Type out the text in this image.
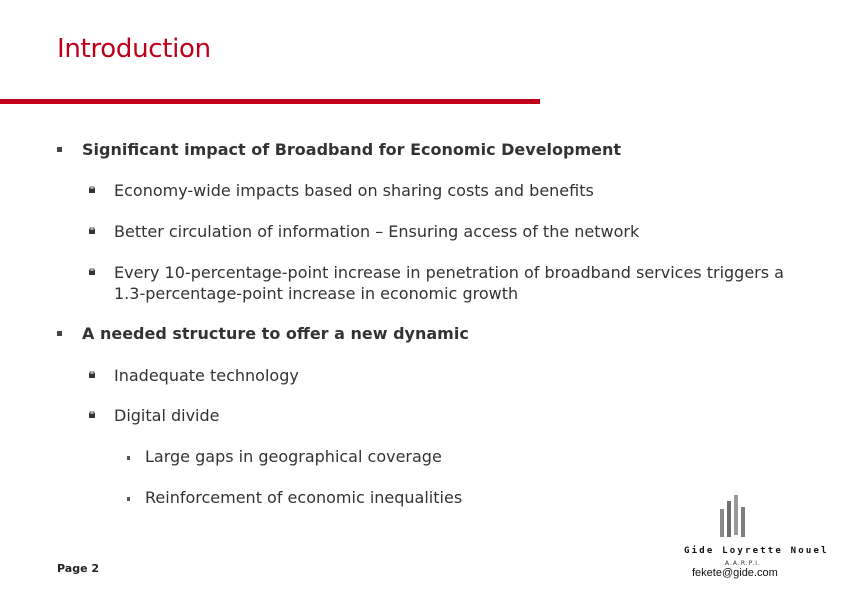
Introduction
Significant impact of Broadband for Economic Development
Economy-wide impacts based on sharing costs and benefits
Better circulation of information – Ensuring access of the network
Every 10-percentage-point increase in penetration of broadband services triggers a
1.3-percentage-point increase in economic growth
A needed structure to offer a new dynamic
Inadequate technology
Digital divide
Large gaps in geographical coverage
Reinforcement of economic inequalities
Page 2
Gide Loyrette Nouel
A.A.R.P.I.
fekete@gide.com
